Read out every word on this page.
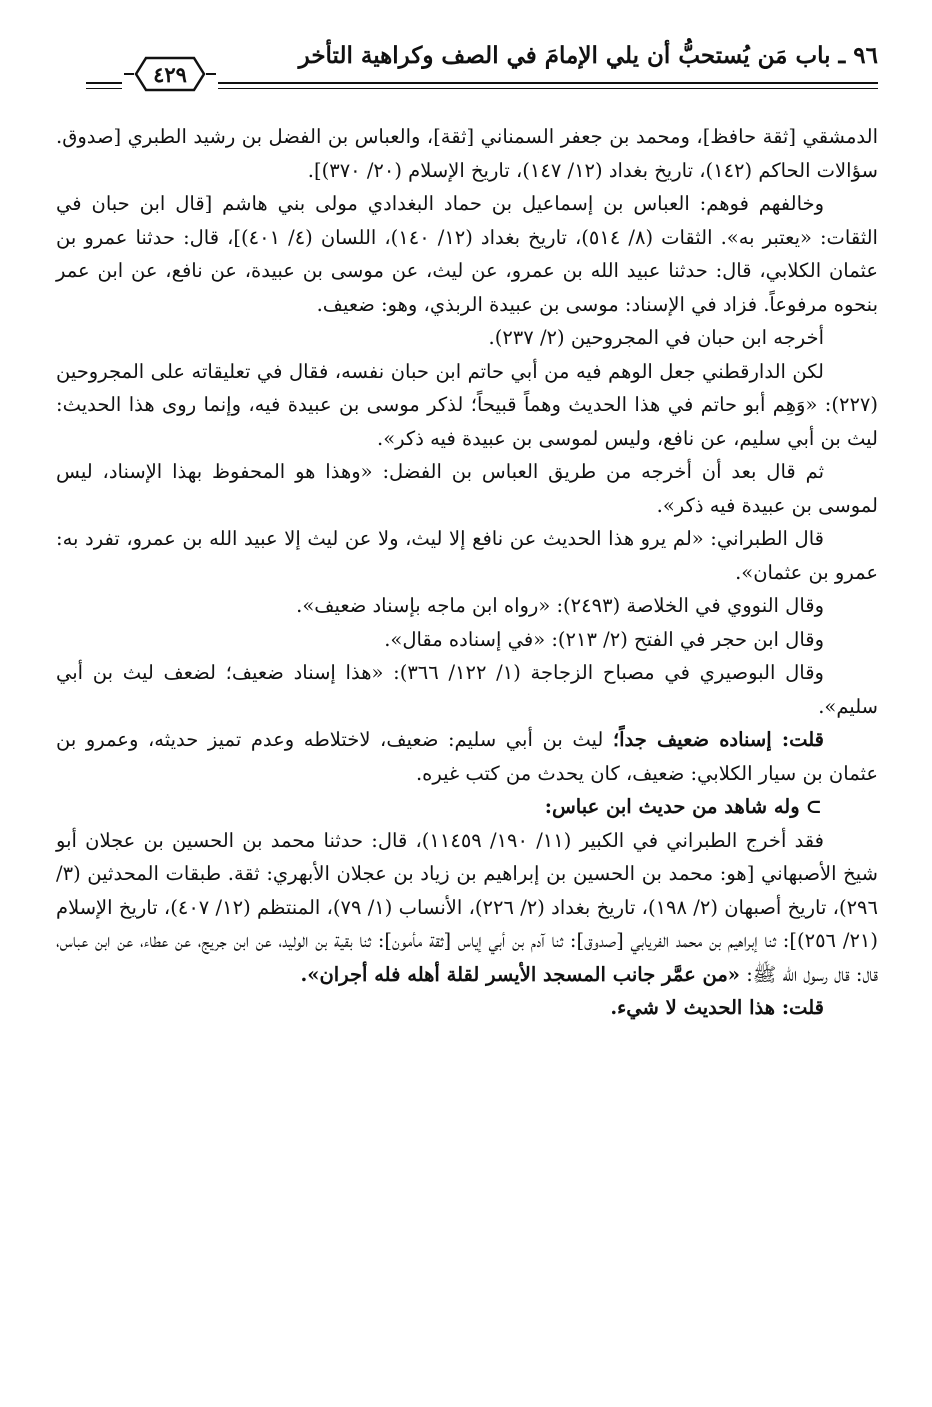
٩٦ ـ باب مَن يُستحبُّ أن يلي الإمامَ في الصف وكراهية التأخر
٤٢٩

الدمشقي [ثقة حافظ]، ومحمد بن جعفر السمناني [ثقة]، والعباس بن الفضل بن رشيد الطبري [صدوق. سؤالات الحاكم (١٤٢)، تاريخ بغداد (١٢/ ١٤٧)، تاريخ الإسلام (٢٠/ ٣٧٠)].

وخالفهم فوهم: العباس بن إسماعيل بن حماد البغدادي مولى بني هاشم [قال ابن حبان في الثقات: «يعتبر به». الثقات (٨/ ٥١٤)، تاريخ بغداد (١٢/ ١٤٠)، اللسان (٤/ ٤٠١)]، قال: حدثنا عمرو بن عثمان الكلابي، قال: حدثنا عبيد الله بن عمرو، عن ليث، عن موسى بن عبيدة، عن نافع، عن ابن عمر بنحوه مرفوعاً. فزاد في الإسناد: موسى بن عبيدة الربذي، وهو: ضعيف.

أخرجه ابن حبان في المجروحين (٢/ ٢٣٧).

لكن الدارقطني جعل الوهم فيه من أبي حاتم ابن حبان نفسه، فقال في تعليقاته على المجروحين (٢٢٧): «وَهِم أبو حاتم في هذا الحديث وهماً قبيحاً؛ لذكر موسى بن عبيدة فيه، وإنما روى هذا الحديث: ليث بن أبي سليم، عن نافع، وليس لموسى بن عبيدة فيه ذكر».

ثم قال بعد أن أخرجه من طريق العباس بن الفضل: «وهذا هو المحفوظ بهذا الإسناد، ليس لموسى بن عبيدة فيه ذكر».

قال الطبراني: «لم يرو هذا الحديث عن نافع إلا ليث، ولا عن ليث إلا عبيد الله بن عمرو، تفرد به: عمرو بن عثمان».

وقال النووي في الخلاصة (٢٤٩٣): «رواه ابن ماجه بإسناد ضعيف».

وقال ابن حجر في الفتح (٢/ ٢١٣): «في إسناده مقال».

وقال البوصيري في مصباح الزجاجة (١/ ١٢٢/ ٣٦٦): «هذا إسناد ضعيف؛ لضعف ليث بن أبي سليم».

قلت: إسناده ضعيف جداً؛ ليث بن أبي سليم: ضعيف، لاختلاطه وعدم تميز حديثه، وعمرو بن عثمان بن سيار الكلابي: ضعيف، كان يحدث من كتب غيره.

⊃وله شاهد من حديث ابن عباس:

فقد أخرج الطبراني في الكبير (١١/ ١٩٠/ ١١٤٥٩)، قال: حدثنا محمد بن الحسين بن عجلان أبو شيخ الأصبهاني [هو: محمد بن الحسين بن إبراهيم بن زياد بن عجلان الأبهري: ثقة. طبقات المحدثين (٣/ ٢٩٦)، تاريخ أصبهان (٢/ ١٩٨)، تاريخ بغداد (٢/ ٢٢٦)، الأنساب (١/ ٧٩)، المنتظم (١٢/ ٤٠٧)، تاريخ الإسلام (٢١/ ٢٥٦)]: ثنا إبراهيم بن محمد الفريابي [صدوق]: ثنا آدم بن أبي إياس [ثقة مأمون]: ثنا بقية بن الوليد، عن ابن جريج، عن عطاء، عن ابن عباس، قال: قال رسول الله ﷺ: «من عمَّر جانب المسجد الأيسر لقلة أهله فله أجران».

قلت: هذا الحديث لا شيء.
